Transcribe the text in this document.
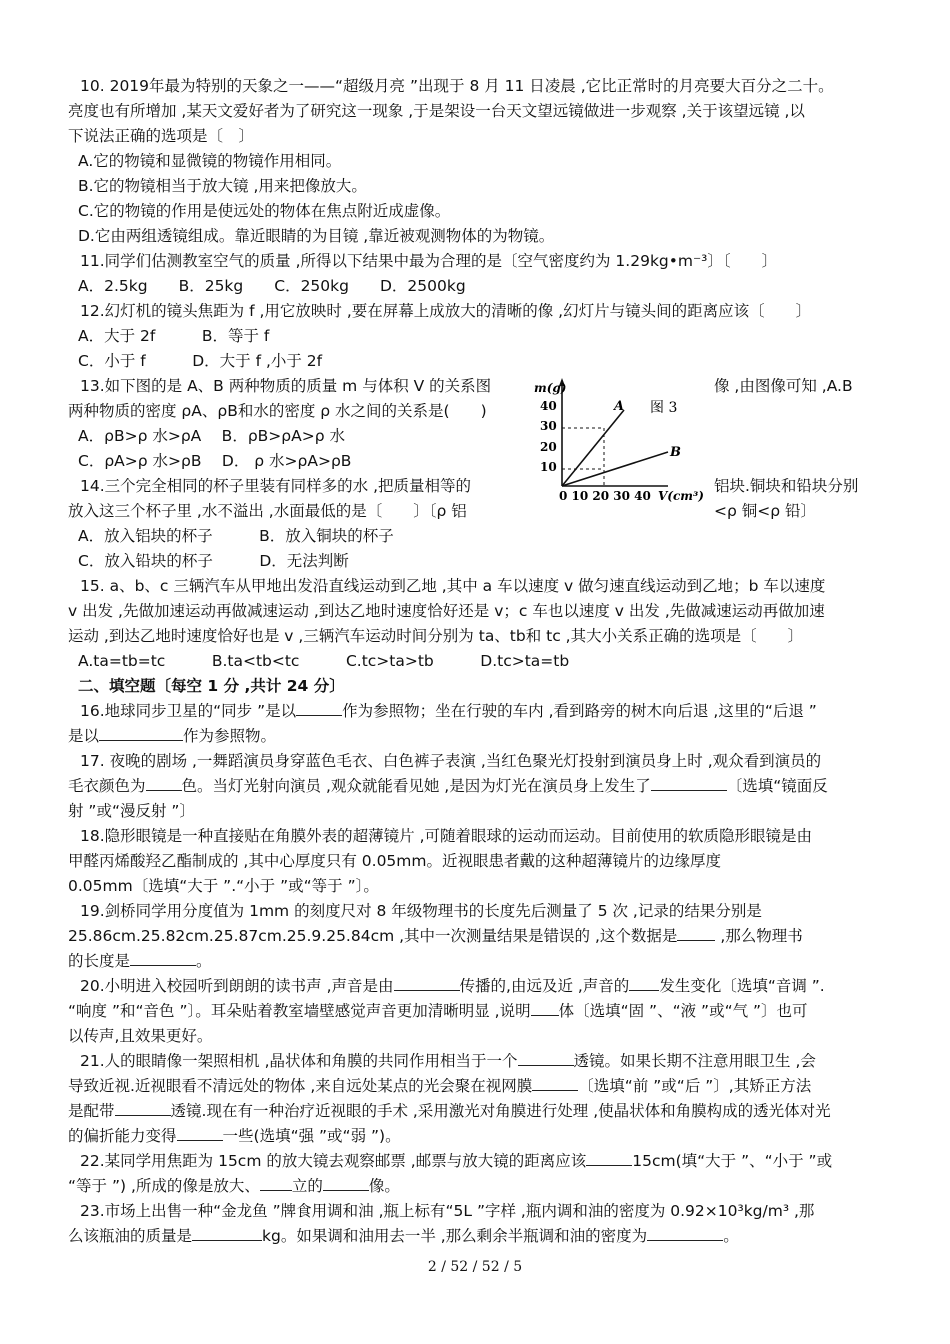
10. 2019年最为特别的天象之一——“超级月亮 ”出现于 8 月 11 日凌晨 ,它比正常时的月亮要大百分之二十。
亮度也有所增加 ,某天文爱好者为了研究这一现象 ,于是架设一台天文望远镜做进一步观察 ,关于该望远镜 ,以
下说法正确的选项是〔　〕
A.它的物镜和显微镜的物镜作用相同。
B.它的物镜相当于放大镜 ,用来把像放大。
C.它的物镜的作用是使远处的物体在焦点附近成虚像。
D.它由两组透镜组成。靠近眼睛的为目镜 ,靠近被观测物体的为物镜。
11.同学们估测教室空气的质量 ,所得以下结果中最为合理的是〔空气密度约为 1.29kg•m⁻³〕〔　　〕
A．2.5kg　　B．25kg　　C．250kg　　D．2500kg
12.幻灯机的镜头焦距为 f ,用它放映时 ,要在屏幕上成放大的清晰的像 ,幻灯片与镜头间的距离应该〔　　〕
A．大于 2f　　　B．等于 f
C．小于 f　　　D．大于 f ,小于 2f
13.如下图的是 A、B 两种物质的质量 m 与体积 V 的关系图	像 ,由图像可知 ,A.B
两种物质的密度 ρA、ρB和水的密度 ρ 水之间的关系是(　　)
A．ρB>ρ 水>ρA　 B．ρB>ρA>ρ 水
C．ρA>ρ 水>ρB　 D． ρ 水>ρA>ρB
m(g)
40
30
20
10
A
B
图 3
0 10 20 30 40 V(cm³)
14.三个完全相同的杯子里装有同样多的水 ,把质量相等的	铝块.铜块和铅块分别
放入这三个杯子里 ,水不溢出 ,水面最低的是〔　　〕〔ρ 铝	<ρ 铜<ρ 铅〕
A．放入铝块的杯子　　　B．放入铜块的杯子
C．放入铅块的杯子　　　D．无法判断
15. a、b、c 三辆汽车从甲地出发沿直线运动到乙地 ,其中 a 车以速度 v 做匀速直线运动到乙地；b 车以速度
v 出发 ,先做加速运动再做减速运动 ,到达乙地时速度恰好还是 v；c 车也以速度 v 出发 ,先做减速运动再做加速
运动 ,到达乙地时速度恰好也是 v ,三辆汽车运动时间分别为 ta、tb和 tc ,其大小关系正确的选项是〔　　〕
A.ta=tb=tc　　　B.ta<tb<tc　　　C.tc>ta>tb　　　D.tc>ta=tb
二、填空题〔每空 1 分 ,共计 24 分〕
16.地球同步卫星的“同步 ”是以	作为参照物；坐在行驶的车内 ,看到路旁的树木向后退 ,这里的“后退 ”
是以	作为参照物。
17. 夜晚的剧场 ,一舞蹈演员身穿蓝色毛衣、白色裤子表演 ,当红色聚光灯投射到演员身上时 ,观众看到演员的
毛衣颜色为 色。当灯光射向演员 ,观众就能看见她 ,是因为灯光在演员身上发生了	〔选填“镜面反
射 ”或“漫反射 ”〕
18.隐形眼镜是一种直接贴在角膜外表的超薄镜片 ,可随着眼球的运动而运动。目前使用的软质隐形眼镜是由
甲醛丙烯酸羟乙酯制成的 ,其中心厚度只有 0.05mm。近视眼患者戴的这种超薄镜片的边缘厚度
0.05mm〔选填“大于 ”.“小于 ”或“等于 ”〕。
19.剑桥同学用分度值为 1mm 的刻度尺对 8 年级物理书的长度先后测量了 5 次 ,记录的结果分别是
25.86cm.25.82cm.25.87cm.25.9.25.84cm ,其中一次测量结果是错误的 ,这个数据是 ,那么物理书
的长度是	。
20.小明进入校园听到朗朗的读书声 ,声音是由	传播的,由远及近 ,声音的 发生变化〔选填“音调 ”.
“响度 ”和“音色 ”〕。耳朵贴着教室墙壁感觉声音更加清晰明显 ,说明 体〔选填“固 ”、“液 ”或“气 ”〕也可
以传声,且效果更好。
21.人的眼睛像一架照相机 ,晶状体和角膜的共同作用相当于一个	透镜。如果长期不注意用眼卫生 ,会
导致近视.近视眼看不清远处的物体 ,来自远处某点的光会聚在视网膜	〔选填“前 ”或“后 ”〕,其矫正方法
是配带	透镜.现在有一种治疗近视眼的手术 ,采用激光对角膜进行处理 ,使晶状体和角膜构成的透光体对光
的偏折能力变得	一些(选填“强 ”或“弱 ”)。
22.某同学用焦距为 15cm 的放大镜去观察邮票 ,邮票与放大镜的距离应该	15cm(填“大于 ”、“小于 ”或
“等于 ”) ,所成的像是放大、 立的	像。
23.市场上出售一种“金龙鱼 ”牌食用调和油 ,瓶上标有“5L ”字样 ,瓶内调和油的密度为 0.92×10³kg/m³ ,那
么该瓶油的质量是	kg。如果调和油用去一半 ,那么剩余半瓶调和油的密度为	。
2 / 52 / 52 / 5
